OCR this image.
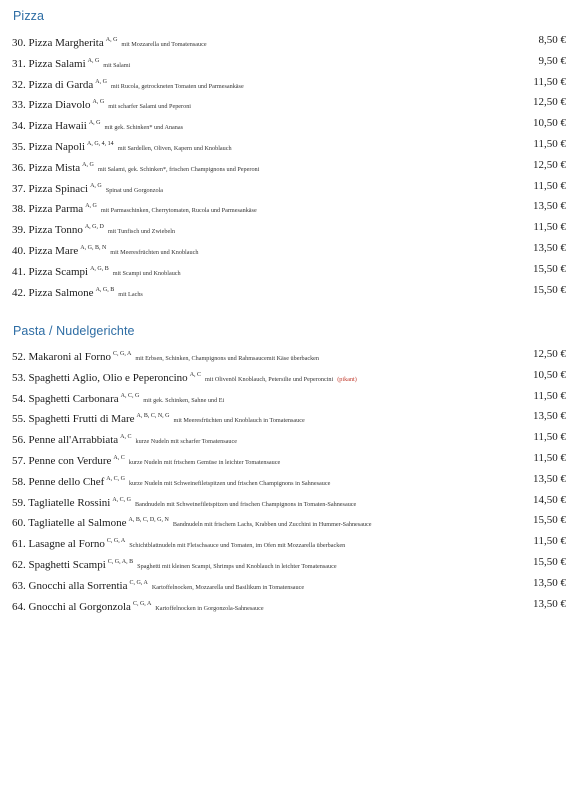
Pizza
30. Pizza Margherita $^{A, G}$mit Mozzarella und Tomatensauce	8,50 €
31. Pizza Salami $^{A, G}$mit Salami	9,50 €
32. Pizza di Garda $^{A, G}$mit Rucola, getrockneten Tomaten und Parmesankäse	11,50 €
33. Pizza Diavolo $^{A, G}$mit scharfer Salami und Peperoni	12,50 €
34. Pizza Hawaii $^{A, G}$mit gek. Schinken* und Ananas	10,50 €
35. Pizza Napoli $^{A, G, 4, 14}$mit Sardellen, Oliven, Kapern und Knoblauch	11,50 €
36. Pizza Mista $^{A, G}$mit Salami, gek. Schinken*, frischen Champignons und Peperoni	12,50 €
37. Pizza Spinaci $^{A, G}$Spinat und Gorgonzola	11,50 €
38. Pizza Parma $^{A, G}$mit Parmaschinken, Cherrytomaten, Rucola und Parmesankäse	13,50 €
39. Pizza Tonno $^{A, G, D}$mit Tunfisch und Zwiebeln	11,50 €
40. Pizza Mare $^{A, G, B, N}$mit Meeresfrüchten und Knoblauch	13,50 €
41. Pizza Scampi $^{A, G, B}$mit Scampi und Knoblauch	15,50 €
42. Pizza Salmone $^{A, G, B}$mit Lachs	15,50 €
Pasta / Nudelgerichte
52. Makaroni al Forno $^{C, G, A}$mit Erbsen, Schinken, Champignons und Rahmsaucemit Käse überbacken	12,50 €
53. Spaghetti Aglio, Olio e Peperoncino $^{A, C}$mit Olivenöl Knoblauch, Petersilie und Peperoncini (pikant)	10,50 €
54. Spaghetti Carbonara $^{A, C, G}$mit gek. Schinken, Sahne und Ei	11,50 €
55. Spaghetti Frutti di Mare $^{A, B, C, N, G}$mit Meeresfrüchten und Knoblauch in Tomatensauce	13,50 €
56. Penne all'Arrabbiata $^{A, C}$kurze Nudeln mit scharfer Tomatensauce	11,50 €
57. Penne con Verdure $^{A, C}$kurze Nudeln mit frischem Gemüse in leichter Tomatensauce	11,50 €
58. Penne dello Chef $^{A, C, G}$kurze Nudeln mit Schweinefiletspitzen und frischen Champignons in Sahnesauce	13,50 €
59. Tagliatelle Rossini $^{A, C, G}$Bandnudeln mit Schweinefiletspitzen und frischen Champignons in Tomaten-Sahnesauce	14,50 €
60. Tagliatelle al Salmone $^{A, B, C, D, G, N}$Bandnudeln mit frischem Lachs, Krabben und Zucchini in Hummer-Sahnesauce	15,50 €
61. Lasagne al Forno $^{C, G, A}$Schichtblattnudeln mit Fleischsauce und Tomaten, im Ofen mit Mozzarella überbacken	11,50 €
62. Spaghetti Scampi $^{C, G, A, B}$Spaghetti mit kleinen Scampi, Shrimps und Knoblauch in leichter Tomatensauce	15,50 €
63. Gnocchi alla Sorrentia $^{C, G, A}$Kartoffelnocken, Mozzarella und Basilikum in Tomatensauce	13,50 €
64. Gnocchi al Gorgonzola $^{C, G, A}$Kartoffelnocken in Gorgonzola-Sahnesauce	13,50 €
